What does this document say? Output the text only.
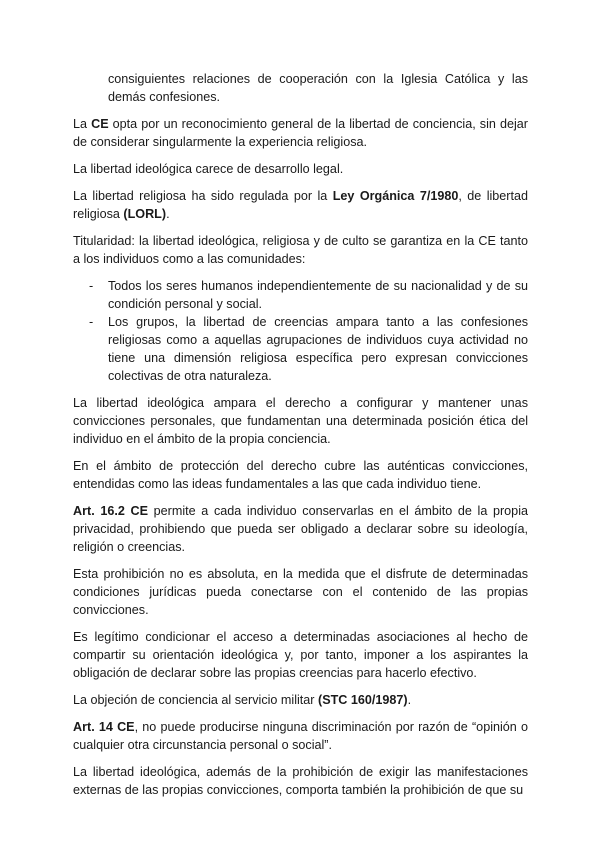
consiguientes relaciones de cooperación con la Iglesia Católica y las demás confesiones.

La CE opta por un reconocimiento general de la libertad de conciencia, sin dejar de considerar singularmente la experiencia religiosa.

La libertad ideológica carece de desarrollo legal.

La libertad religiosa ha sido regulada por la Ley Orgánica 7/1980, de libertad religiosa (LORL).

Titularidad: la libertad ideológica, religiosa y de culto se garantiza en la CE tanto a los individuos como a las comunidades:

- Todos los seres humanos independientemente de su nacionalidad y de su condición personal y social.
- Los grupos, la libertad de creencias ampara tanto a las confesiones religiosas como a aquellas agrupaciones de individuos cuya actividad no tiene una dimensión religiosa específica pero expresan convicciones colectivas de otra naturaleza.

La libertad ideológica ampara el derecho a configurar y mantener unas convicciones personales, que fundamentan una determinada posición ética del individuo en el ámbito de la propia conciencia.

En el ámbito de protección del derecho cubre las auténticas convicciones, entendidas como las ideas fundamentales a las que cada individuo tiene.

Art. 16.2 CE permite a cada individuo conservarlas en el ámbito de la propia privacidad, prohibiendo que pueda ser obligado a declarar sobre su ideología, religión o creencias.

Esta prohibición no es absoluta, en la medida que el disfrute de determinadas condiciones jurídicas pueda conectarse con el contenido de las propias convicciones.

Es legítimo condicionar el acceso a determinadas asociaciones al hecho de compartir su orientación ideológica y, por tanto, imponer a los aspirantes la obligación de declarar sobre las propias creencias para hacerlo efectivo.

La objeción de conciencia al servicio militar (STC 160/1987).

Art. 14 CE, no puede producirse ninguna discriminación por razón de “opinión o cualquier otra circunstancia personal o social”.

La libertad ideológica, además de la prohibición de exigir las manifestaciones externas de las propias convicciones, comporta también la prohibición de que su
